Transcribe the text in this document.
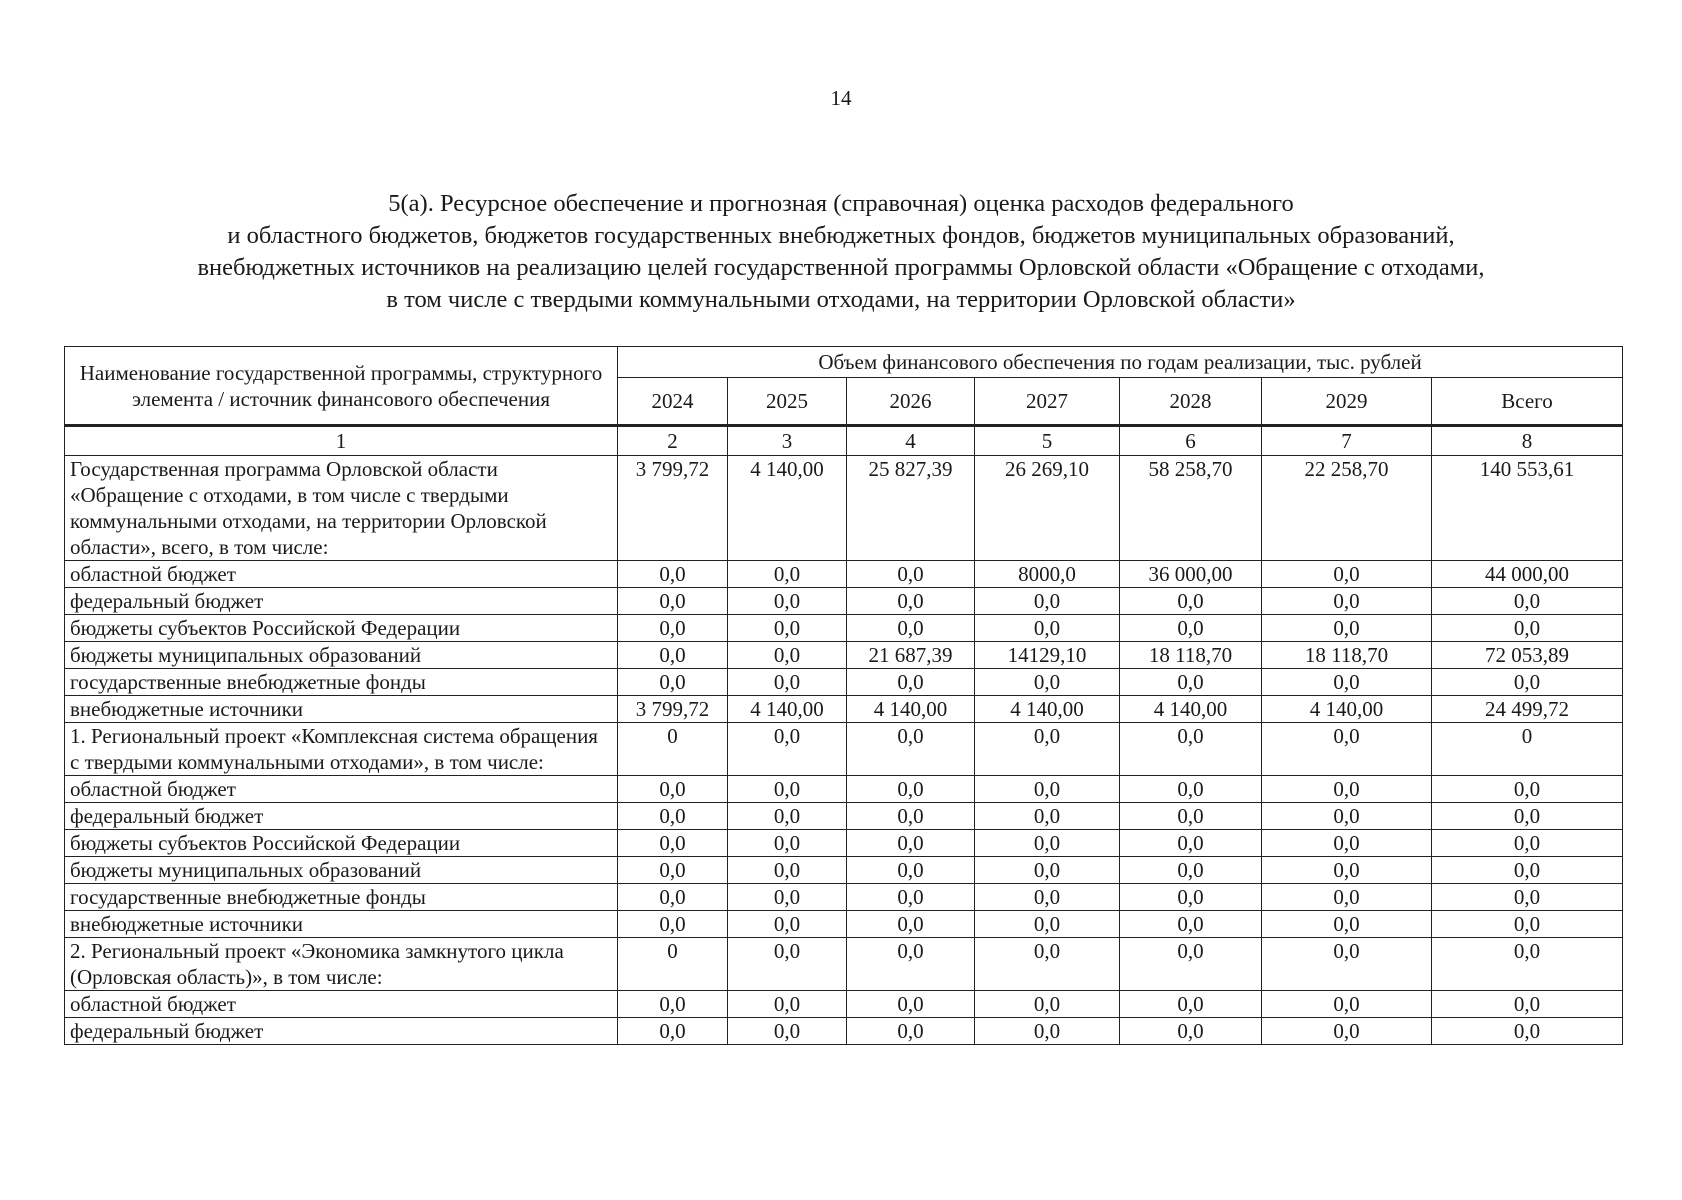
14
5(а). Ресурсное обеспечение и прогнозная (справочная) оценка расходов федерального
и областного бюджетов, бюджетов государственных внебюджетных фондов, бюджетов муниципальных образований,
внебюджетных источников на реализацию целей государственной программы Орловской области «Обращение с отходами,
в том числе с твердыми коммунальными отходами, на территории Орловской области»
Наименование государственной программы, структурного элемента / источник финансового обеспечения	Объем финансового обеспечения по годам реализации, тыс. рублей						
	2024	2025	2026	2027	2028	2029	Всего
1	2	3	4	5	6	7	8
Государственная программа Орловской области «Обращение с отходами, в том числе с твердыми коммунальными отходами, на территории Орловской области», всего, в том числе:	3 799,72	4 140,00	25 827,39	26 269,10	58 258,70	22 258,70	140 553,61
областной бюджет	0,0	0,0	0,0	8000,0	36 000,00	0,0	44 000,00
федеральный бюджет	0,0	0,0	0,0	0,0	0,0	0,0	0,0
бюджеты субъектов Российской Федерации	0,0	0,0	0,0	0,0	0,0	0,0	0,0
бюджеты муниципальных образований	0,0	0,0	21 687,39	14129,10	18 118,70	18 118,70	72 053,89
государственные внебюджетные фонды	0,0	0,0	0,0	0,0	0,0	0,0	0,0
внебюджетные источники	3 799,72	4 140,00	4 140,00	4 140,00	4 140,00	4 140,00	24 499,72
1. Региональный проект «Комплексная система обращения с твердыми коммунальными отходами», в том числе:	0	0,0	0,0	0,0	0,0	0,0	0
областной бюджет	0,0	0,0	0,0	0,0	0,0	0,0	0,0
федеральный бюджет	0,0	0,0	0,0	0,0	0,0	0,0	0,0
бюджеты субъектов Российской Федерации	0,0	0,0	0,0	0,0	0,0	0,0	0,0
бюджеты муниципальных образований	0,0	0,0	0,0	0,0	0,0	0,0	0,0
государственные внебюджетные фонды	0,0	0,0	0,0	0,0	0,0	0,0	0,0
внебюджетные источники	0,0	0,0	0,0	0,0	0,0	0,0	0,0
2. Региональный проект «Экономика замкнутого цикла (Орловская область)», в том числе:	0	0,0	0,0	0,0	0,0	0,0	0,0
областной бюджет	0,0	0,0	0,0	0,0	0,0	0,0	0,0
федеральный бюджет	0,0	0,0	0,0	0,0	0,0	0,0	0,0
